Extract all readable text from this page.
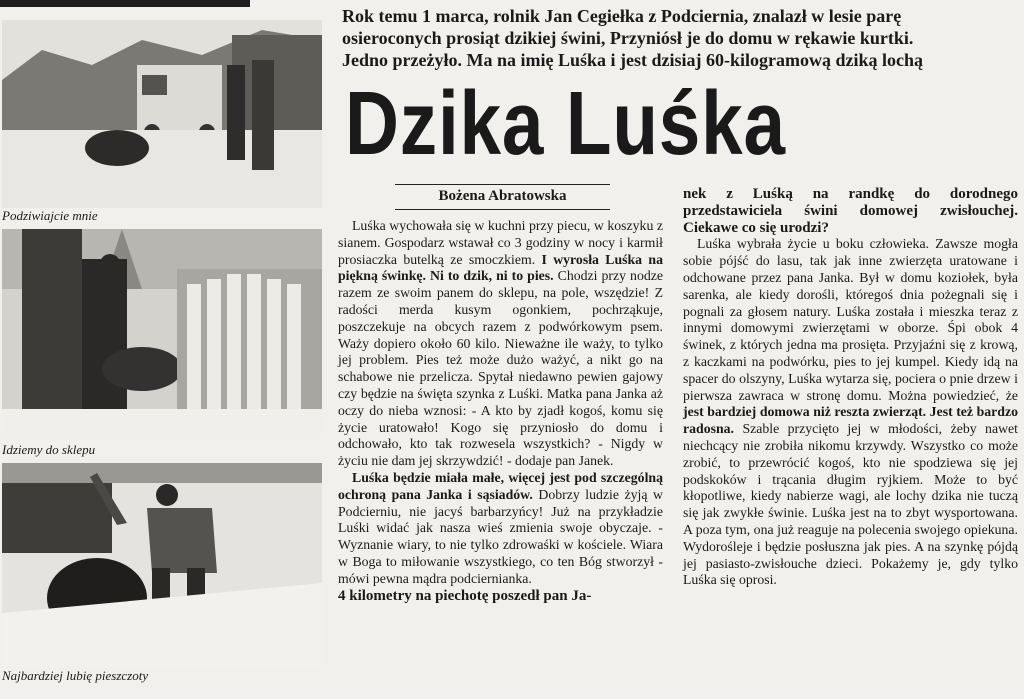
Podziwiajcie mnie
Idziemy do sklepu
Najbardziej lubię pieszczoty
Rok temu 1 marca, rolnik Jan Cegiełka z Podciernia, znalazł w lesie parę
osieroconych prosiąt dzikiej świni, Przyniósł je do domu w rękawie kurtki.
Jedno przeżyło. Ma na imię Luśka i jest dzisiaj 60-kilogramową dziką lochą
Dzika Luśka
Bożena Abratowska

Luśka wychowała się w kuchni przy piecu, w koszyku z sianem. Gospodarz wstawał co 3 godziny w nocy i karmił prosiaczka butelką ze smoczkiem. I wyrosła Luśka na piękną świnkę. Ni to dzik, ni to pies. Chodzi przy nodze razem ze swoim panem do sklepu, na pole, wszędzie! Z radości merda kusym ogonkiem, pochrząkuje, poszczekuje na obcych razem z podwórkowym psem. Waży dopiero około 60 kilo. Nieważne ile waży, to tylko jej problem. Pies też może dużo ważyć, a nikt go na schabowe nie przelicza. Spytał niedawno pewien gajowy czy będzie na święta szynka z Luśki. Matka pana Janka aż oczy do nieba wznosi: - A kto by zjadł kogoś, komu się życie uratowało! Kogo się przyniosło do domu i odchowało, kto tak rozwesela wszystkich? - Nigdy w życiu nie dam jej skrzywdzić! - dodaje pan Janek.

Luśka będzie miała małe, więcej jest pod szczególną ochroną pana Janka i sąsiadów. Dobrzy ludzie żyją w Podcierniu, nie jacyś barbarzyńcy! Już na przykładzie Luśki widać jak nasza wieś zmienia swoje obyczaje. - Wyznanie wiary, to nie tylko zdrowaśki w kościele. Wiara w Boga to miłowanie wszystkiego, co ten Bóg stworzył - mówi pewna mądra podciernianka.

4 kilometry na piechotę poszedł pan Ja-

nek z Luśką na randkę do dorodnego przedstawiciela świni domowej zwisłouchej. Ciekawe co się urodzi?

Luśka wybrała życie u boku człowieka. Zawsze mogła sobie pójść do lasu, tak jak inne zwierzęta uratowane i odchowane przez pana Janka. Był w domu koziołek, była sarenka, ale kiedy dorośli, któregoś dnia pożegnali się i pognali za głosem natury. Luśka została i mieszka teraz z innymi domowymi zwierzętami w oborze. Śpi obok 4 świnek, z których jedna ma prosięta. Przyjaźni się z krową, z kaczkami na podwórku, pies to jej kumpel. Kiedy idą na spacer do olszyny, Luśka wytarza się, pociera o pnie drzew i pierwsza zawraca w stronę domu. Można powiedzieć, że jest bardziej domowa niż reszta zwierząt. Jest też bardzo radosna. Szable przycięto jej w młodości, żeby nawet niechcący nie zrobiła nikomu krzywdy. Wszystko co może zrobić, to przewrócić kogoś, kto nie spodziewa się jej podskoków i trącania długim ryjkiem. Może to być kłopotliwe, kiedy nabierze wagi, ale lochy dzika nie tuczą się jak zwykłe świnie. Luśka jest na to zbyt wysportowana. A poza tym, ona już reaguje na polecenia swojego opiekuna. Wydoroślejе i będzie posłuszna jak pies. A na szynkę pójdą jej pasiasto-zwisłouche dzieci. Pokażemy je, gdy tylko Luśka się oprosi.
